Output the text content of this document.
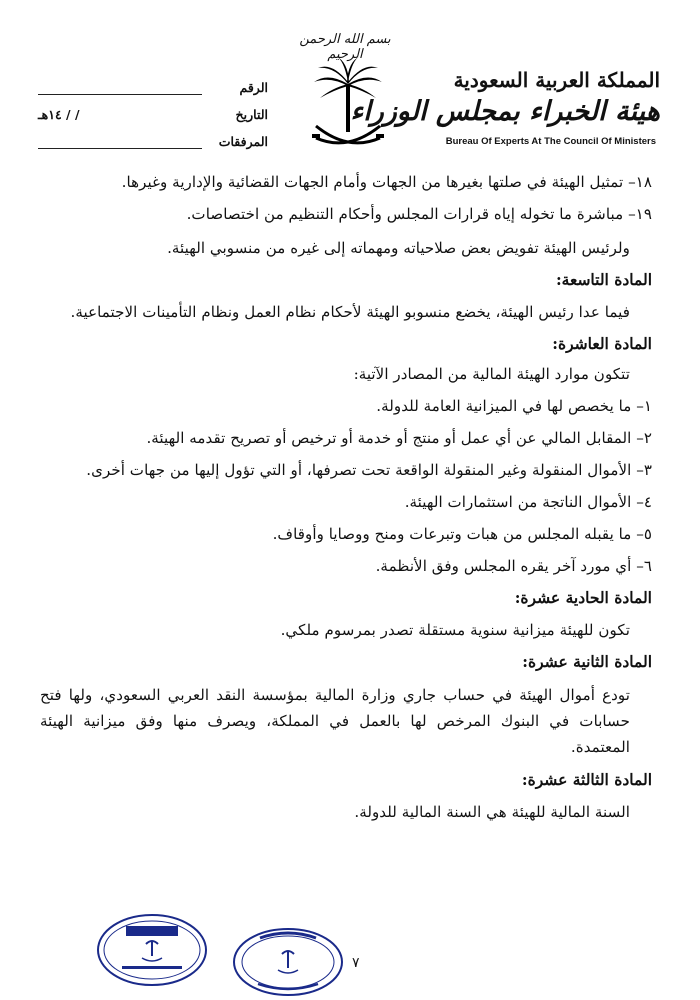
بسم الله الرحمن الرحيم
المملكة العربية السعودية
هيئة الخبراء بمجلس الوزراء
Bureau Of Experts At The Council Of Ministers
الرقم
التاريخ
/ / ١٤هـ
المرفقات
١٨– تمثيل الهيئة في صلتها بغيرها من الجهات وأمام الجهات القضائية والإدارية وغيرها.
١٩– مباشرة ما تخوله إياه قرارات المجلس وأحكام التنظيم من اختصاصات.
ولرئيس الهيئة تفويض بعض صلاحياته ومهماته إلى غيره من منسوبي الهيئة.
المادة التاسعة:
فيما عدا رئيس الهيئة، يخضع منسوبو الهيئة لأحكام نظام العمل ونظام التأمينات الاجتماعية.
المادة العاشرة:
تتكون موارد الهيئة المالية من المصادر الآتية:
١– ما يخصص لها في الميزانية العامة للدولة.
٢– المقابل المالي عن أي عمل أو منتج أو خدمة أو ترخيص أو تصريح تقدمه الهيئة.
٣– الأموال المنقولة وغير المنقولة الواقعة تحت تصرفها، أو التي تؤول إليها من جهات أخرى.
٤– الأموال الناتجة من استثمارات الهيئة.
٥– ما يقبله المجلس من هبات وتبرعات ومنح ووصايا وأوقاف.
٦– أي مورد آخر يقره المجلس وفق الأنظمة.
المادة الحادية عشرة:
تكون للهيئة ميزانية سنوية مستقلة تصدر بمرسوم ملكي.
المادة الثانية عشرة:
تودع أموال الهيئة في حساب جاري وزارة المالية بمؤسسة النقد العربي السعودي، ولها فتح حسابات في البنوك المرخص لها بالعمل في المملكة، ويصرف منها وفق ميزانية الهيئة المعتمدة.
المادة الثالثة عشرة:
السنة المالية للهيئة هي السنة المالية للدولة.
٧
